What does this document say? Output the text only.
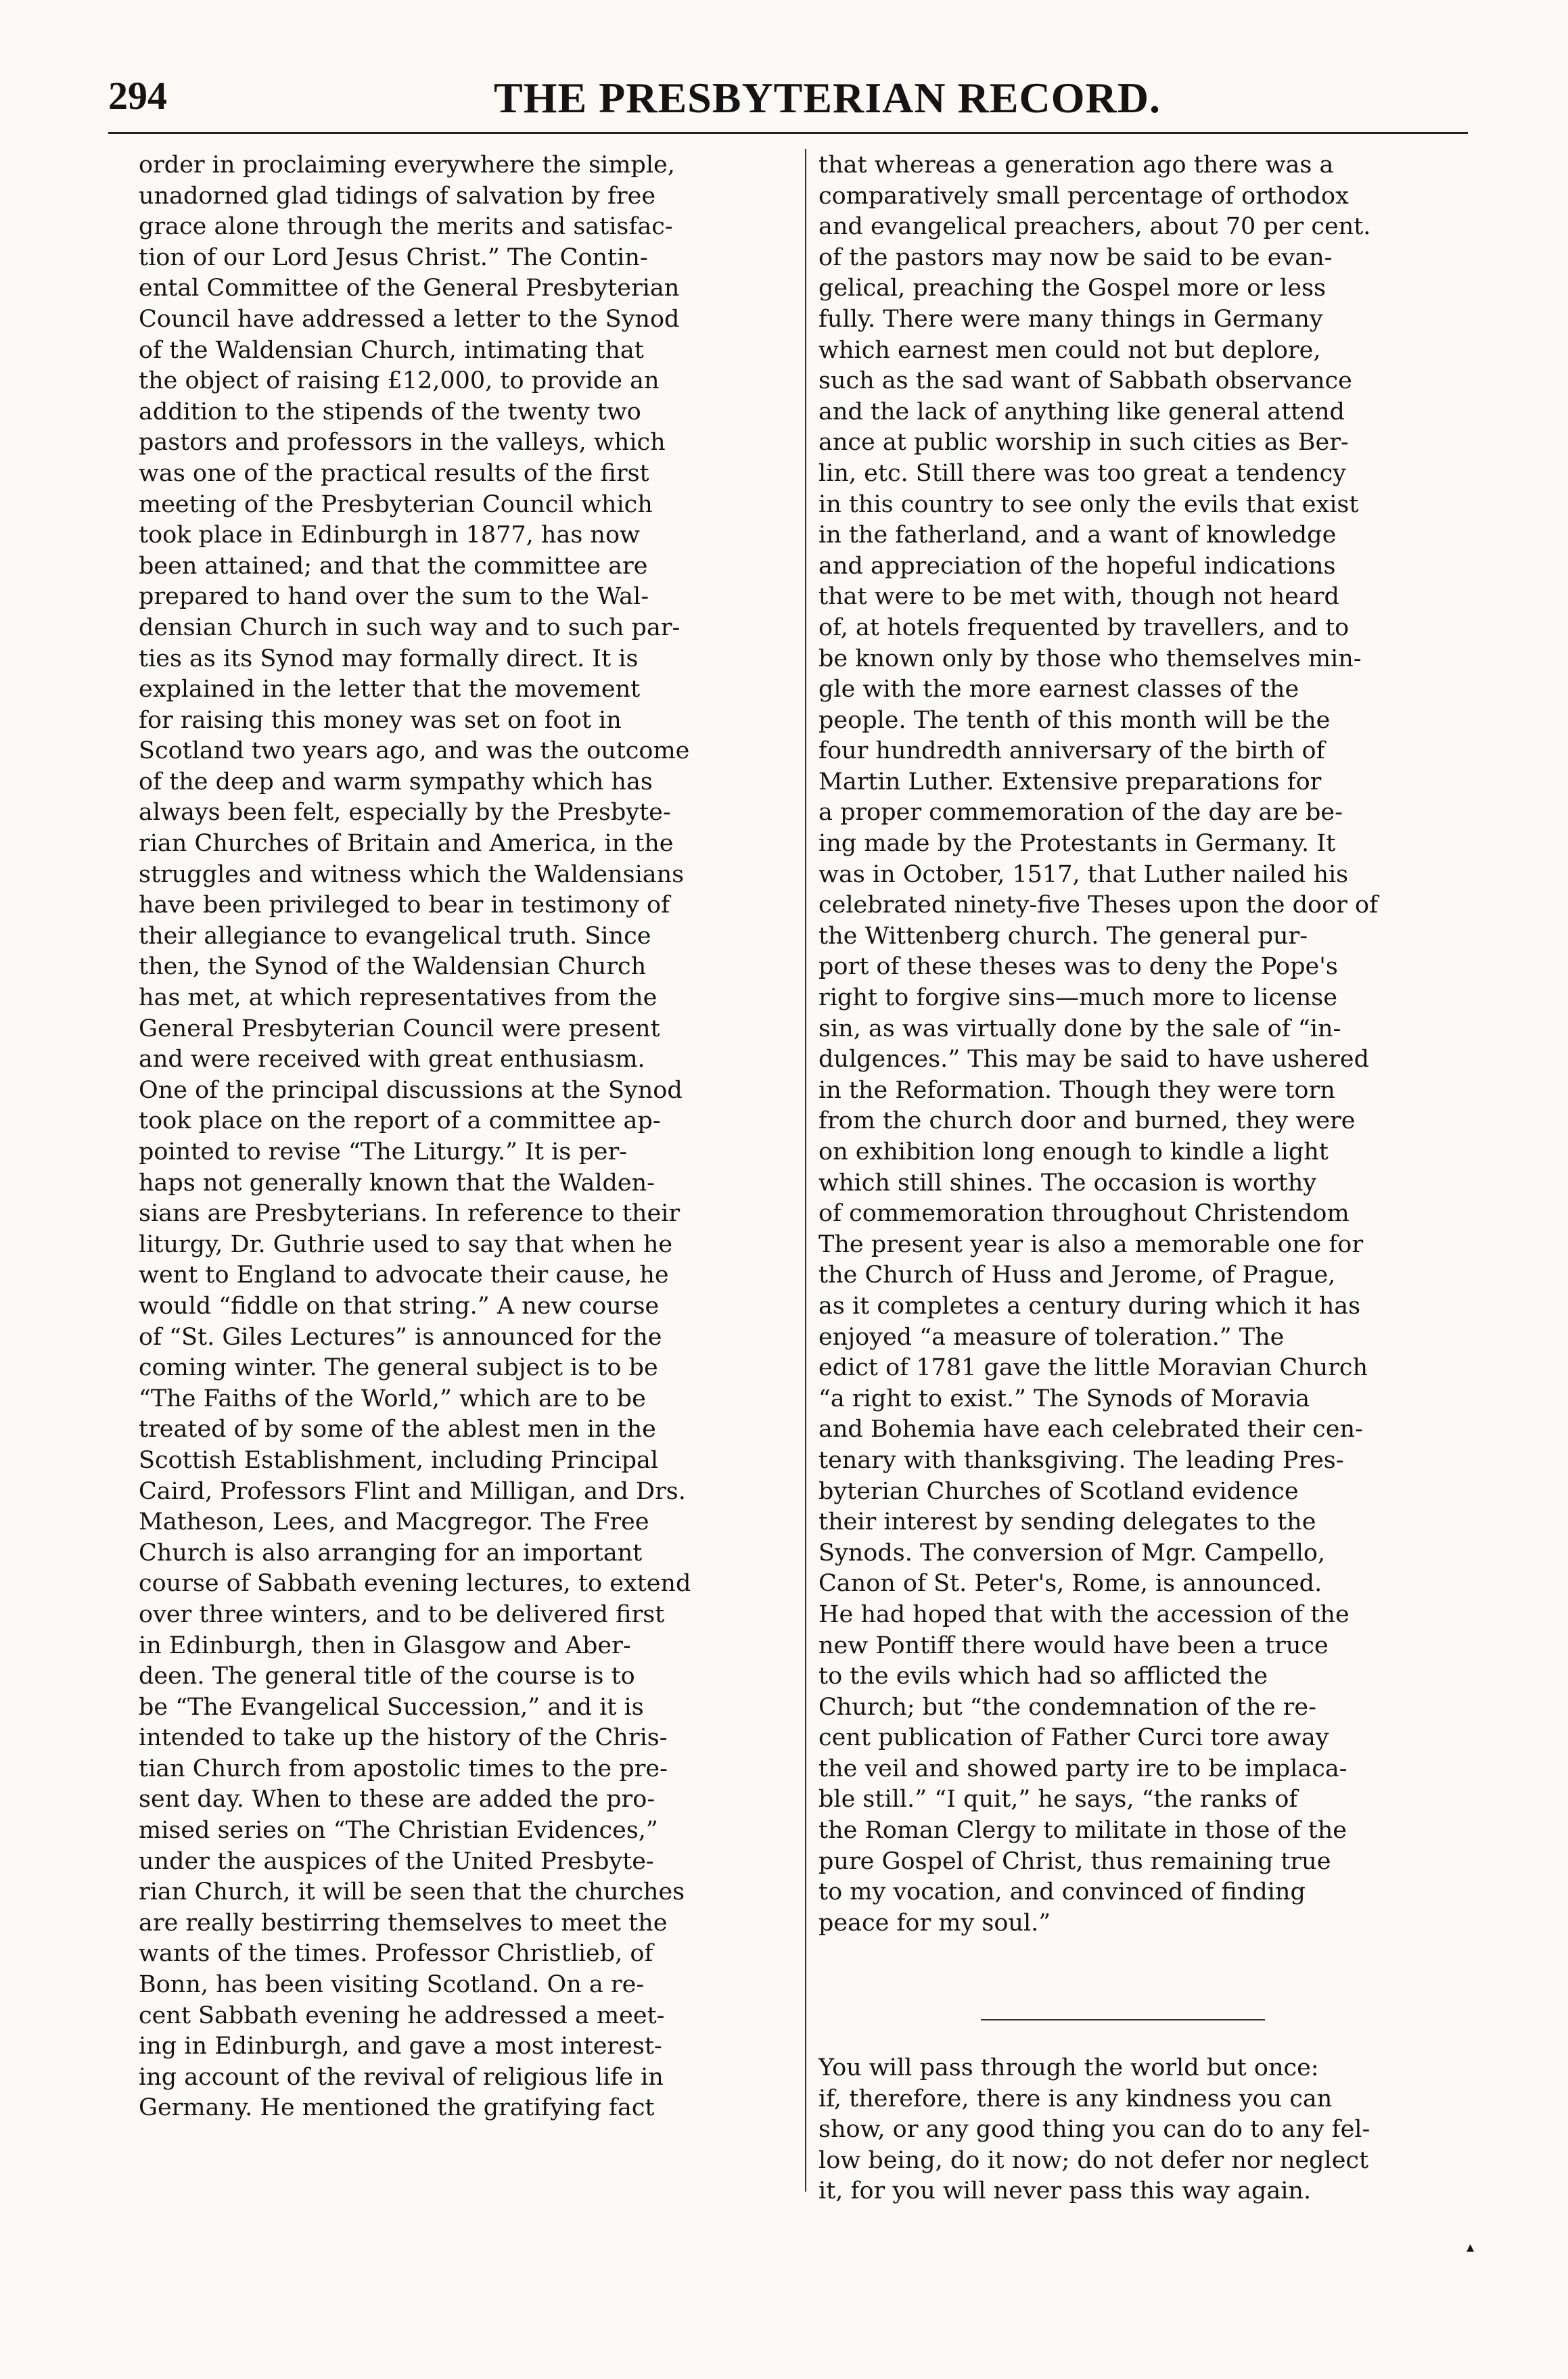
294	THE PRESBYTERIAN RECORD.

order in proclaiming everywhere the simple,
unadorned glad tidings of salvation by free
grace alone through the merits and satisfac-
tion of our Lord Jesus Christ.” The Contin-
ental Committee of the General Presbyterian
Council have addressed a letter to the Synod
of the Waldensian Church, intimating that
the object of raising £12,000, to provide an
addition to the stipends of the twenty two
pastors and professors in the valleys, which
was one of the practical results of the first
meeting of the Presbyterian Council which
took place in Edinburgh in 1877, has now
been attained; and that the committee are
prepared to hand over the sum to the Wal-
densian Church in such way and to such par-
ties as its Synod may formally direct. It is
explained in the letter that the movement
for raising this money was set on foot in
Scotland two years ago, and was the outcome
of the deep and warm sympathy which has
always been felt, especially by the Presbyte-
rian Churches of Britain and America, in the
struggles and witness which the Waldensians
have been privileged to bear in testimony of
their allegiance to evangelical truth. Since
then, the Synod of the Waldensian Church
has met, at which representatives from the
General Presbyterian Council were present
and were received with great enthusiasm.
One of the principal discussions at the Synod
took place on the report of a committee ap-
pointed to revise “The Liturgy.” It is per-
haps not generally known that the Walden-
sians are Presbyterians. In reference to their
liturgy, Dr. Guthrie used to say that when he
went to England to advocate their cause, he
would “fiddle on that string.” A new course
of “St. Giles Lectures” is announced for the
coming winter. The general subject is to be
“The Faiths of the World,” which are to be
treated of by some of the ablest men in the
Scottish Establishment, including Principal
Caird, Professors Flint and Milligan, and Drs.
Matheson, Lees, and Macgregor. The Free
Church is also arranging for an important
course of Sabbath evening lectures, to extend
over three winters, and to be delivered first
in Edinburgh, then in Glasgow and Aber-
deen. The general title of the course is to
be “The Evangelical Succession,” and it is
intended to take up the history of the Chris-
tian Church from apostolic times to the pre-
sent day. When to these are added the pro-
mised series on “The Christian Evidences,”
under the auspices of the United Presbyte-
rian Church, it will be seen that the churches
are really bestirring themselves to meet the
wants of the times. Professor Christlieb, of
Bonn, has been visiting Scotland. On a re-
cent Sabbath evening he addressed a meet-
ing in Edinburgh, and gave a most interest-
ing account of the revival of religious life in
Germany. He mentioned the gratifying fact

that whereas a generation ago there was a
comparatively small percentage of orthodox
and evangelical preachers, about 70 per cent.
of the pastors may now be said to be evan-
gelical, preaching the Gospel more or less
fully. There were many things in Germany
which earnest men could not but deplore,
such as the sad want of Sabbath observance
and the lack of anything like general attend
ance at public worship in such cities as Ber-
lin, etc. Still there was too great a tendency
in this country to see only the evils that exist
in the fatherland, and a want of knowledge
and appreciation of the hopeful indications
that were to be met with, though not heard
of, at hotels frequented by travellers, and to
be known only by those who themselves min-
gle with the more earnest classes of the
people. The tenth of this month will be the
four hundredth anniversary of the birth of
Martin Luther. Extensive preparations for
a proper commemoration of the day are be-
ing made by the Protestants in Germany. It
was in October, 1517, that Luther nailed his
celebrated ninety-five Theses upon the door of
the Wittenberg church. The general pur-
port of these theses was to deny the Pope's
right to forgive sins—much more to license
sin, as was virtually done by the sale of “in-
dulgences.” This may be said to have ushered
in the Reformation. Though they were torn
from the church door and burned, they were
on exhibition long enough to kindle a light
which still shines. The occasion is worthy
of commemoration throughout Christendom
The present year is also a memorable one for
the Church of Huss and Jerome, of Prague,
as it completes a century during which it has
enjoyed “a measure of toleration.” The
edict of 1781 gave the little Moravian Church
“a right to exist.” The Synods of Moravia
and Bohemia have each celebrated their cen-
tenary with thanksgiving. The leading Pres-
byterian Churches of Scotland evidence
their interest by sending delegates to the
Synods. The conversion of Mgr. Campello,
Canon of St. Peter's, Rome, is announced.
He had hoped that with the accession of the
new Pontiff there would have been a truce
to the evils which had so afflicted the
Church; but “the condemnation of the re-
cent publication of Father Curci tore away
the veil and showed party ire to be implaca-
ble still.” “I quit,” he says, “the ranks of
the Roman Clergy to militate in those of the
pure Gospel of Christ, thus remaining true
to my vocation, and convinced of finding
peace for my soul.”

You will pass through the world but once:
if, therefore, there is any kindness you can
show, or any good thing you can do to any fel-
low being, do it now; do not defer nor neglect
it, for you will never pass this way again.

▴
